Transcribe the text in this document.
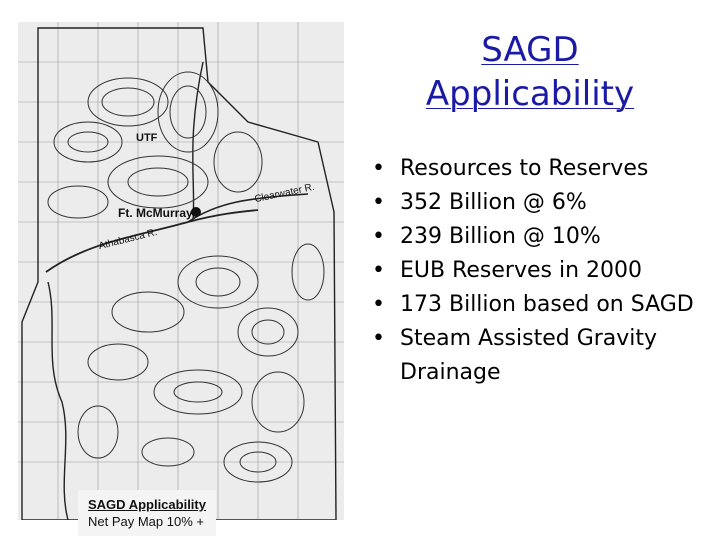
UTF
Ft. McMurray
Clearwater R.
Athabasca R.
SAGD Applicability
Net Pay Map 10% +
SAGD
Applicability
• Resources to Reserves
• 352 Billion @ 6%
• 239 Billion @ 10%
• EUB Reserves in 2000
• 173 Billion based on SAGD
• Steam Assisted Gravity Drainage
